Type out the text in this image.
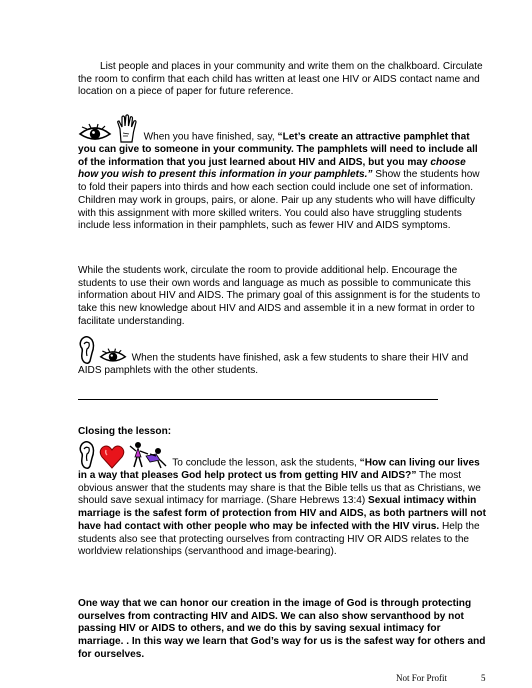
List people and places in your community and write them on the chalkboard. Circulate the room to confirm that each child has written at least one HIV or AIDS contact name and location on a piece of paper for future reference.

When you have finished, say, “Let’s create an attractive pamphlet that you can give to someone in your community. The pamphlets will need to include all of the information that you just learned about HIV and AIDS, but you may choose how you wish to present this information in your pamphlets.” Show the students how to fold their papers into thirds and how each section could include one set of information. Children may work in groups, pairs, or alone. Pair up any students who will have difficulty with this assignment with more skilled writers. You could also have struggling students include less information in their pamphlets, such as fewer HIV and AIDS symptoms.

While the students work, circulate the room to provide additional help. Encourage the students to use their own words and language as much as possible to communicate this information about HIV and AIDS. The primary goal of this assignment is for the students to take this new knowledge about HIV and AIDS and assemble it in a new format in order to facilitate understanding.

When the students have finished, ask a few students to share their HIV and AIDS pamphlets with the other students.

Closing the lesson:

To conclude the lesson, ask the students, “How can living our lives in a way that pleases God help protect us from getting HIV and AIDS?” The most obvious answer that the students may share is that the Bible tells us that as Christians, we should save sexual intimacy for marriage. (Share Hebrews 13:4) Sexual intimacy within marriage is the safest form of protection from HIV and AIDS, as both partners will not have had contact with other people who may be infected with the HIV virus. Help the students also see that protecting ourselves from contracting HIV OR AIDS relates to the worldview relationships (servanthood and image-bearing).

One way that we can honor our creation in the image of God is through protecting ourselves from contracting HIV and AIDS. We can also show servanthood by not passing HIV or AIDS to others, and we do this by saving sexual intimacy for marriage. . In this way we learn that God’s way for us is the safest way for others and for ourselves.

Not For Profit	5
